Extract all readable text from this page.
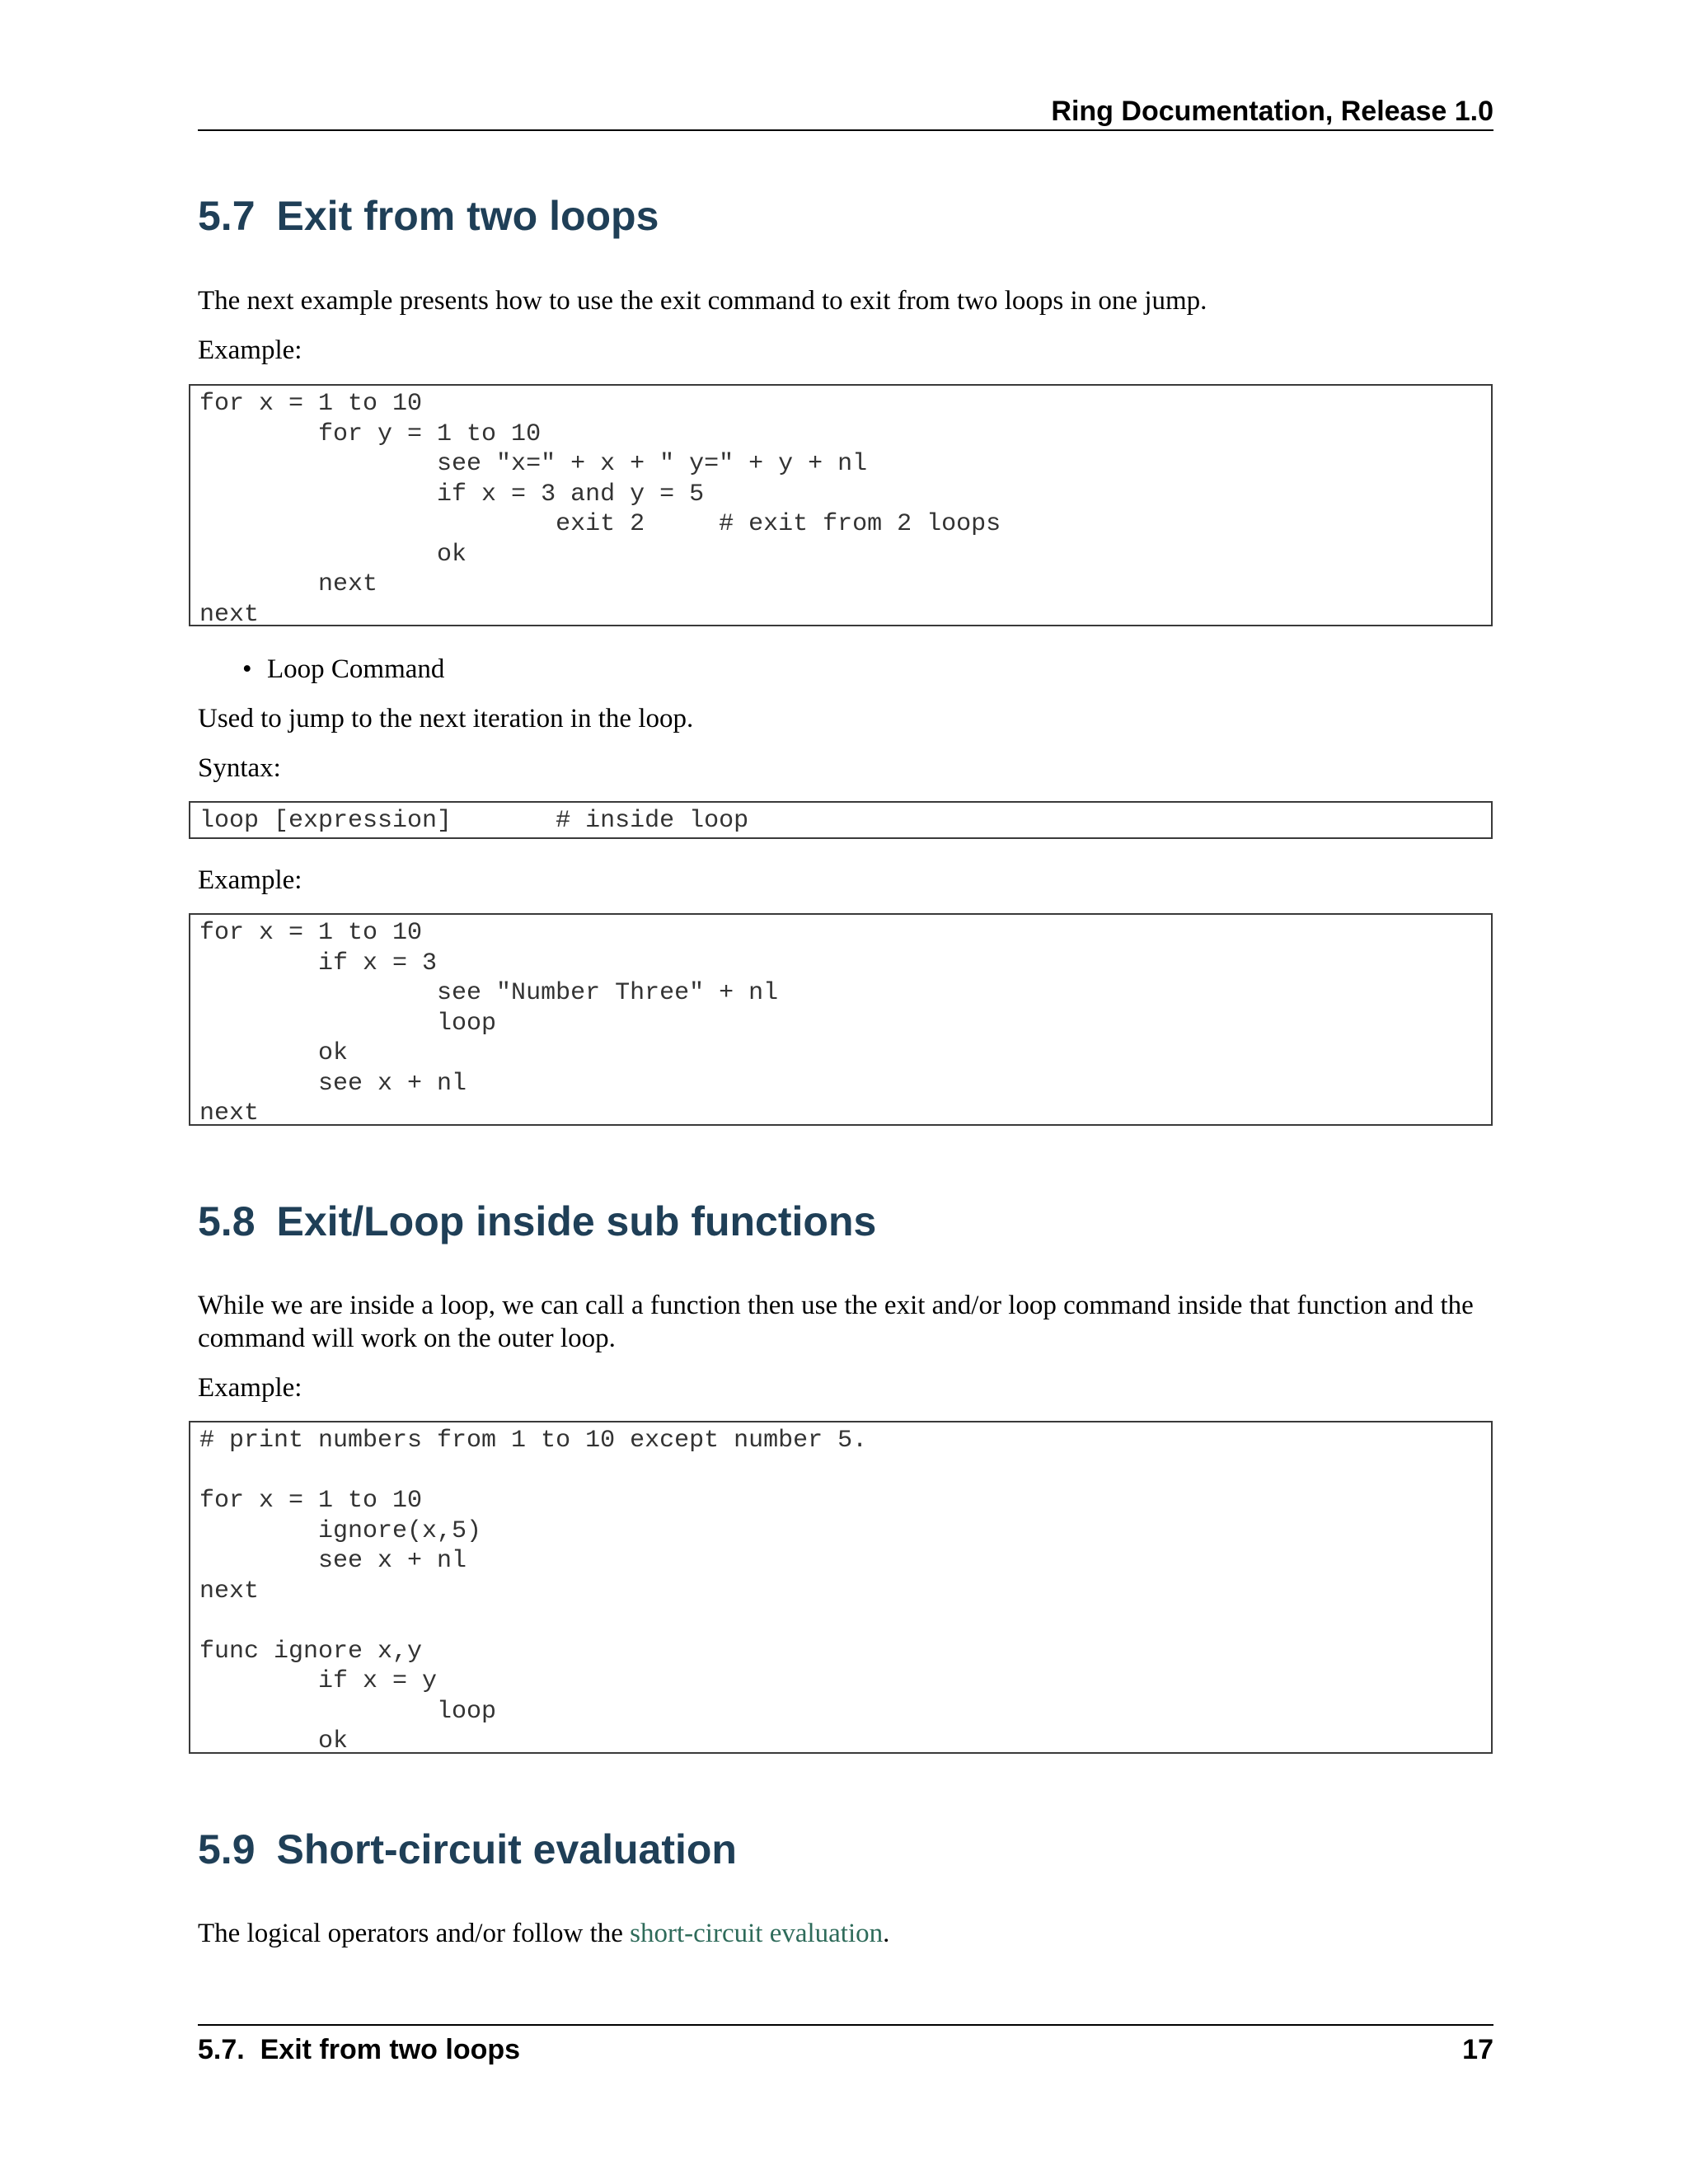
Ring Documentation, Release 1.0
5.7 Exit from two loops

The next example presents how to use the exit command to exit from two loops in one jump.

Example:

for x = 1 to 10
for y = 1 to 10
see "x=" + x + " y=" + y + nl
if x = 3 and y = 5
exit 2     # exit from 2 loops
ok
next
next
• Loop Command

Used to jump to the next iteration in the loop.

Syntax:

loop [expression]       # inside loop

Example:

for x = 1 to 10
if x = 3
see "Number Three" + nl
loop
ok
see x + nl
next
5.8 Exit/Loop inside sub functions

While we are inside a loop, we can call a function then use the exit and/or loop command inside that function and the command will work on the outer loop.

Example:

# print numbers from 1 to 10 except number 5.

for x = 1 to 10
ignore(x,5)
see x + nl
next

func ignore x,y
if x = y
loop
ok
5.9 Short-circuit evaluation

The logical operators and/or follow the short-circuit evaluation.

5.7.  Exit from two loops	17
